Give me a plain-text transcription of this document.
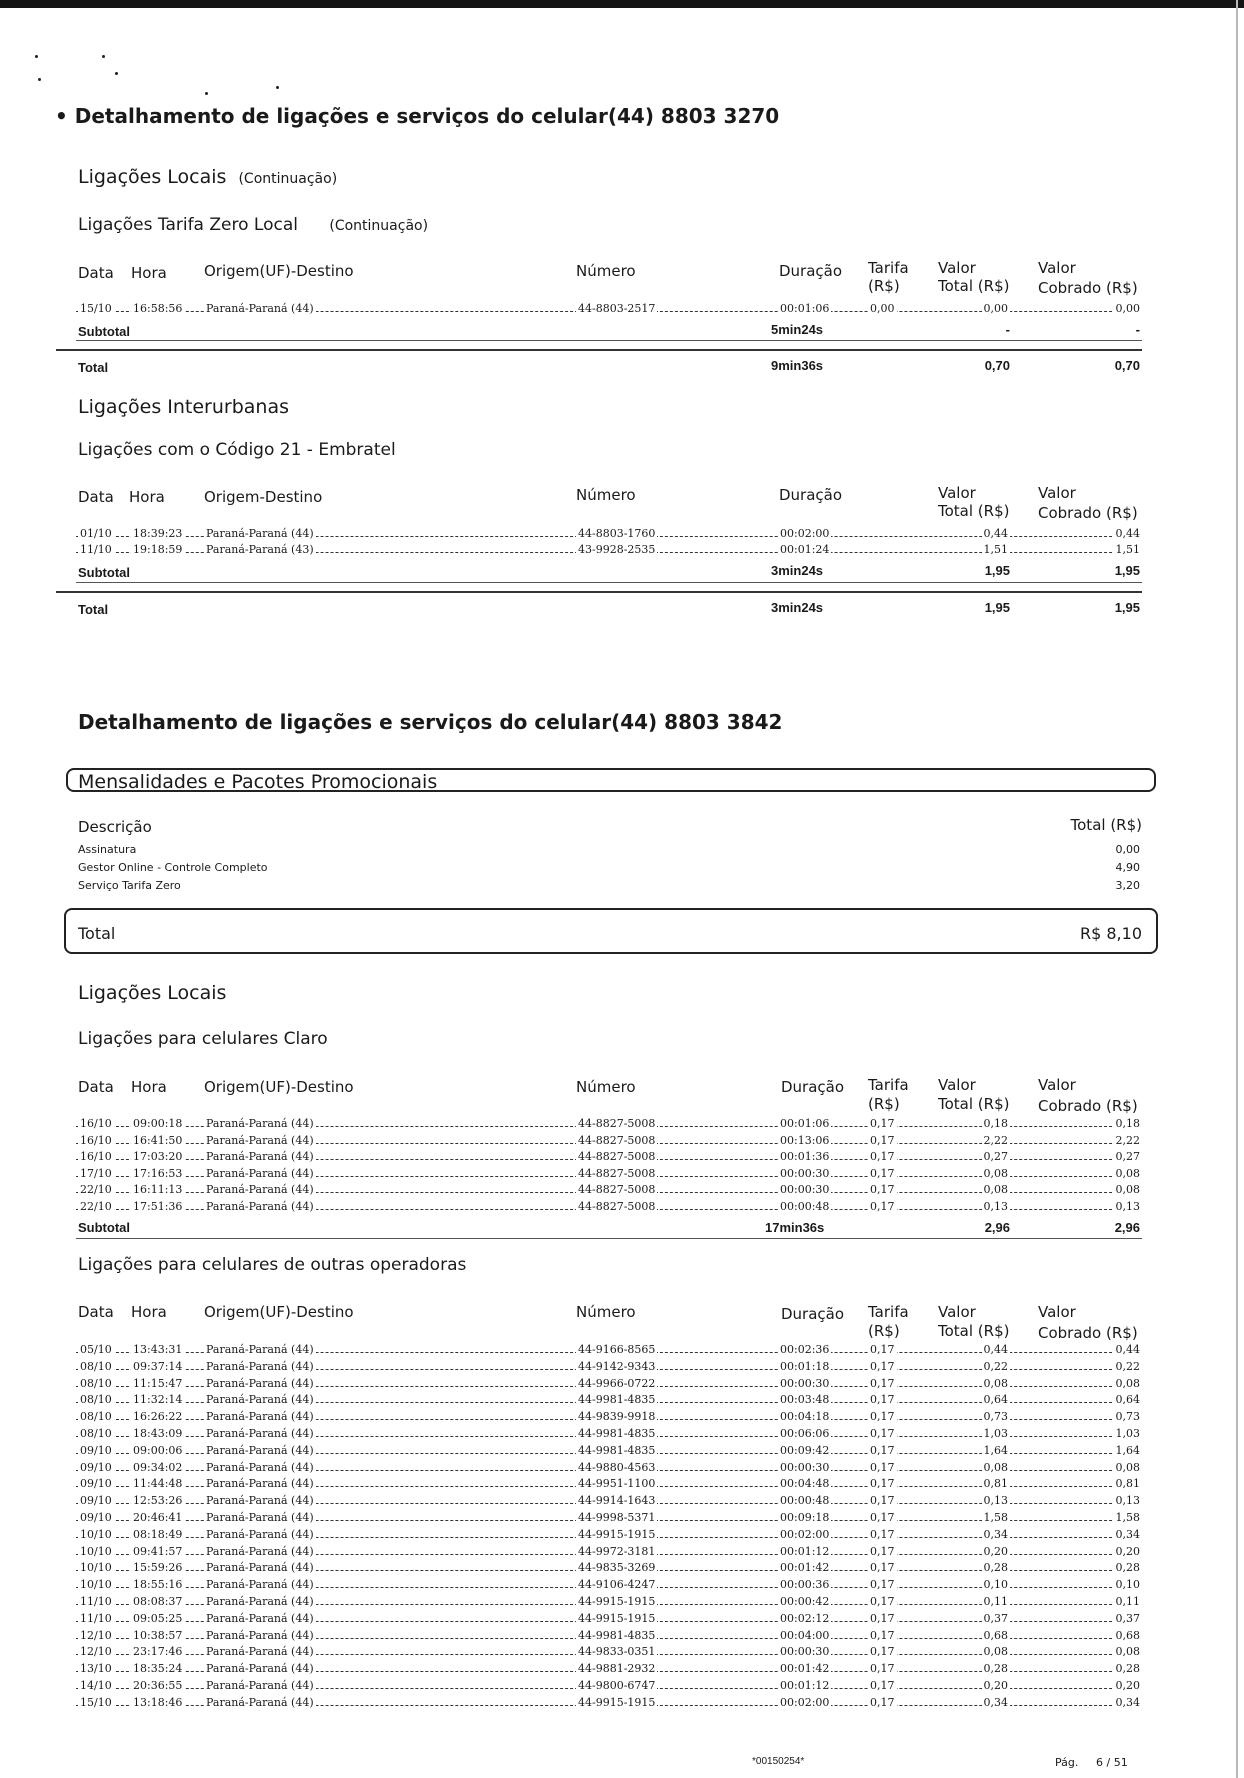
• Detalhamento de ligações e serviços do celular(44) 8803 3270
Ligações Locais (Continuação)
Ligações Tarifa Zero Local (Continuação)
Data Hora Origem(UF)-Destino	Número	Duração Tarifa
(R$)
Valor
Total (R$)
Valor
Cobrado (R$)
15/10 16:58:56 Paraná-Paraná (44)	44-8803-2517	00:01:06	0,00	0,00	0,00
Subtotal	5min24s	-	-
Total	9min36s	0,70	0,70
Ligações Interurbanas
Ligações com o Código 21 - Embratel
Data Hora	Origem-Destino	Número	Duração	Valor
Total (R$)
Valor
Cobrado (R$)
01/10 18:39:23 Paraná-Paraná (44)	44-8803-1760	00:02:00	0,44	0,44
11/10 19:18:59 Paraná-Paraná (43)	43-9928-2535	00:01:24	1,51	1,51
Subtotal	3min24s	1,95	1,95
Total	3min24s	1,95	1,95
Detalhamento de ligações e serviços do celular(44) 8803 3842
Mensalidades e Pacotes Promocionais
Descrição	Total (R$)
Assinatura	0,00
Gestor Online - Controle Completo	4,90
Serviço Tarifa Zero	3,20
Total	R$ 8,10
Ligações Locais
Ligações para celulares Claro
Data Hora Origem(UF)-Destino	Número	Duração Tarifa
(R$)
Valor
Total (R$)
Valor
Cobrado (R$)
16/10 09:00:18 Paraná-Paraná (44)	44-8827-5008	00:01:06	0,17	0,18	0,18
16/10 16:41:50 Paraná-Paraná (44)	44-8827-5008	00:13:06	0,17	2,22	2,22
16/10 17:03:20 Paraná-Paraná (44)	44-8827-5008	00:01:36	0,17	0,27	0,27
17/10 17:16:53 Paraná-Paraná (44)	44-8827-5008	00:00:30	0,17	0,08	0,08
22/10 16:11:13 Paraná-Paraná (44)	44-8827-5008	00:00:30	0,17	0,08	0,08
22/10 17:51:36 Paraná-Paraná (44)	44-8827-5008	00:00:48	0,17	0,13	0,13
Subtotal	17min36s	2,96	2,96
Ligações para celulares de outras operadoras
Data Hora Origem(UF)-Destino	Número	Duração Tarifa
(R$)
Valor
Total (R$)
Valor
Cobrado (R$)
05/10 13:43:31 Paraná-Paraná (44)	44-9166-8565	00:02:36	0,17	0,44	0,44
08/10 09:37:14 Paraná-Paraná (44)	44-9142-9343	00:01:18	0,17	0,22	0,22
08/10 11:15:47 Paraná-Paraná (44)	44-9966-0722	00:00:30	0,17	0,08	0,08
08/10 11:32:14 Paraná-Paraná (44)	44-9981-4835	00:03:48	0,17	0,64	0,64
08/10 16:26:22 Paraná-Paraná (44)	44-9839-9918	00:04:18	0,17	0,73	0,73
08/10 18:43:09 Paraná-Paraná (44)	44-9981-4835	00:06:06	0,17	1,03	1,03
09/10 09:00:06 Paraná-Paraná (44)	44-9981-4835	00:09:42	0,17	1,64	1,64
09/10 09:34:02 Paraná-Paraná (44)	44-9880-4563	00:00:30	0,17	0,08	0,08
09/10 11:44:48 Paraná-Paraná (44)	44-9951-1100	00:04:48	0,17	0,81	0,81
09/10 12:53:26 Paraná-Paraná (44)	44-9914-1643	00:00:48	0,17	0,13	0,13
09/10 20:46:41 Paraná-Paraná (44)	44-9998-5371	00:09:18	0,17	1,58	1,58
10/10 08:18:49 Paraná-Paraná (44)	44-9915-1915	00:02:00	0,17	0,34	0,34
10/10 09:41:57 Paraná-Paraná (44)	44-9972-3181	00:01:12	0,17	0,20	0,20
10/10 15:59:26 Paraná-Paraná (44)	44-9835-3269	00:01:42	0,17	0,28	0,28
10/10 18:55:16 Paraná-Paraná (44)	44-9106-4247	00:00:36	0,17	0,10	0,10
11/10 08:08:37 Paraná-Paraná (44)	44-9915-1915	00:00:42	0,17	0,11	0,11
11/10 09:05:25 Paraná-Paraná (44)	44-9915-1915	00:02:12	0,17	0,37	0,37
12/10 10:38:57 Paraná-Paraná (44)	44-9981-4835	00:04:00	0,17	0,68	0,68
12/10 23:17:46 Paraná-Paraná (44)	44-9833-0351	00:00:30	0,17	0,08	0,08
13/10 18:35:24 Paraná-Paraná (44)	44-9881-2932	00:01:42	0,17	0,28	0,28
14/10 20:36:55 Paraná-Paraná (44)	44-9800-6747	00:01:12	0,17	0,20	0,20
15/10 13:18:46 Paraná-Paraná (44)	44-9915-1915	00:02:00	0,17	0,34	0,34
*00150254*	Pág. 6 / 51
